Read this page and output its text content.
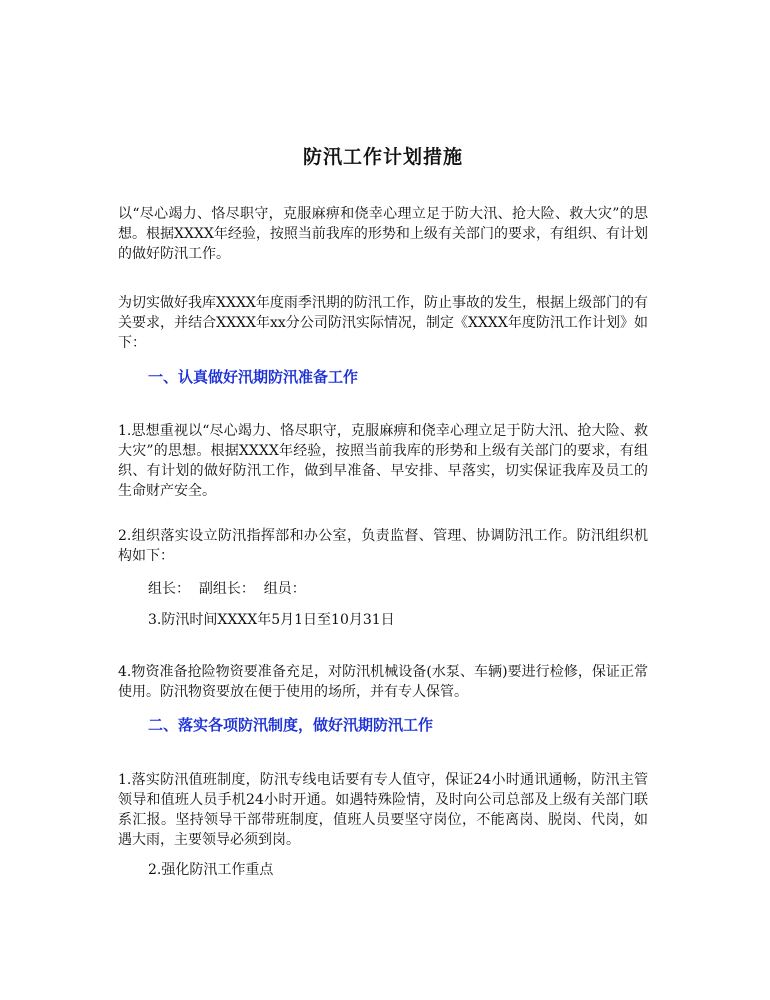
防汛工作计划措施

以“尽心竭力、恪尽职守，克服麻痹和侥幸心理立足于防大汛、抢大险、救大灾”的思想。根据XXXX年经验，按照当前我库的形势和上级有关部门的要求，有组织、有计划的做好防汛工作。

为切实做好我库XXXX年度雨季汛期的防汛工作，防止事故的发生，根据上级部门的有关要求，并结合XXXX年xx分公司防汛实际情况，制定《XXXX年度防汛工作计划》如下：

一、认真做好汛期防汛准备工作

1.思想重视以“尽心竭力、恪尽职守，克服麻痹和侥幸心理立足于防大汛、抢大险、救大灾”的思想。根据XXXX年经验，按照当前我库的形势和上级有关部门的要求，有组织、有计划的做好防汛工作，做到早准备、早安排、早落实，切实保证我库及员工的生命财产安全。

2.组织落实设立防汛指挥部和办公室，负责监督、管理、协调防汛工作。防汛组织机构如下：

组长：  副组长：  组员：

3.防汛时间XXXX年5月1日至10月31日

4.物资准备抢险物资要准备充足，对防汛机械设备(水泵、车辆)要进行检修，保证正常使用。防汛物资要放在便于使用的场所，并有专人保管。

二、落实各项防汛制度，做好汛期防汛工作

1.落实防汛值班制度，防汛专线电话要有专人值守，保证24小时通讯通畅，防汛主管领导和值班人员手机24小时开通。如遇特殊险情，及时向公司总部及上级有关部门联系汇报。坚持领导干部带班制度，值班人员要坚守岗位，不能离岗、脱岗、代岗，如遇大雨，主要领导必须到岗。

2.强化防汛工作重点
